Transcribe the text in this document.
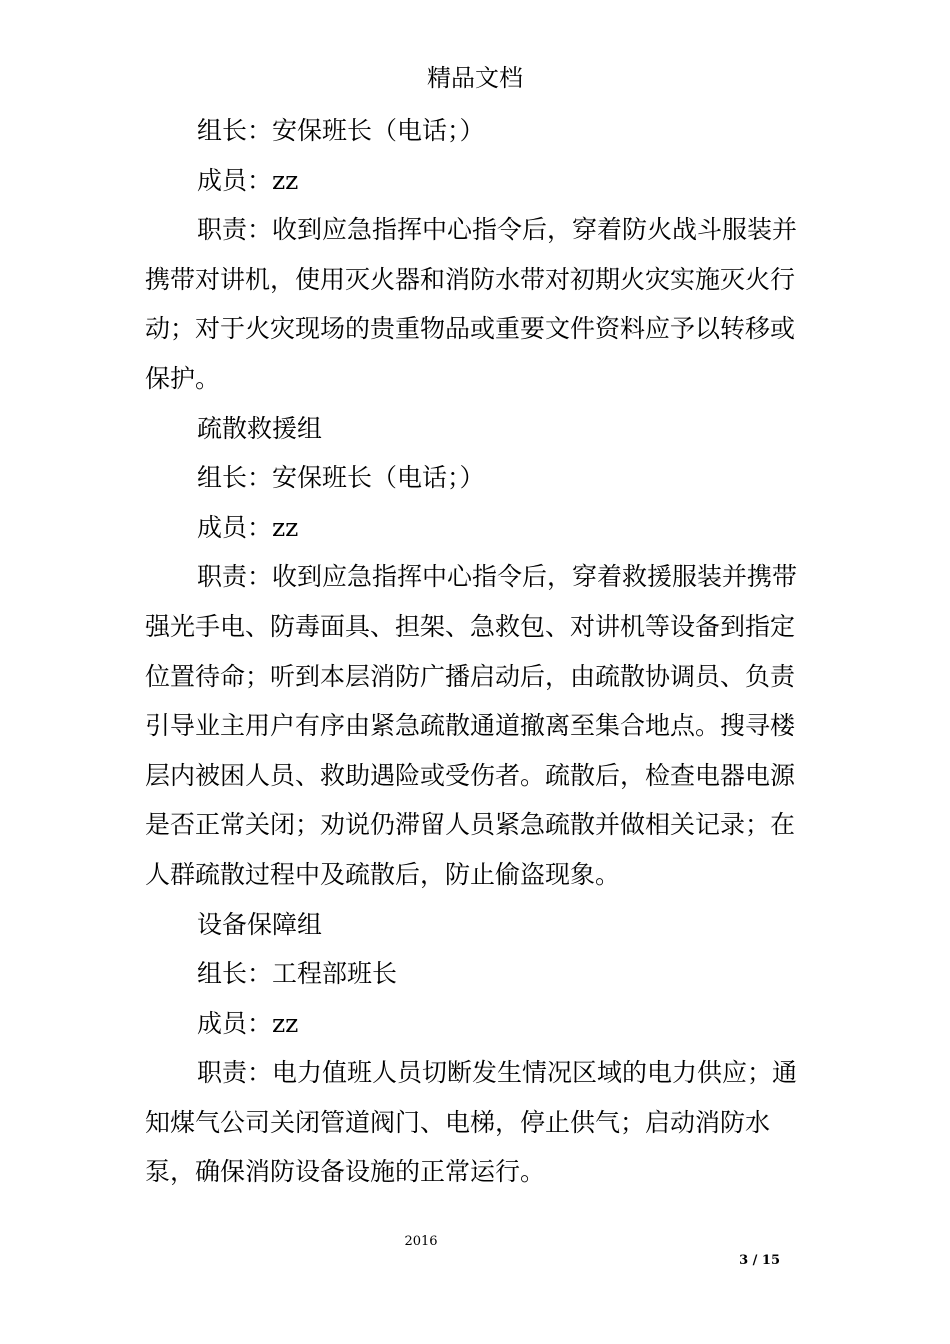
精品文档

组长：安保班长（电话；）

成员：zz

职责：收到应急指挥中心指令后，穿着防火战斗服装并携带对讲机，使用灭火器和消防水带对初期火灾实施灭火行动；对于火灾现场的贵重物品或重要文件资料应予以转移或保护。

疏散救援组

组长：安保班长（电话；）

成员：zz

职责：收到应急指挥中心指令后，穿着救援服装并携带强光手电、防毒面具、担架、急救包、对讲机等设备到指定位置待命；听到本层消防广播启动后，由疏散协调员、负责引导业主用户有序由紧急疏散通道撤离至集合地点。搜寻楼层内被困人员、救助遇险或受伤者。疏散后，检查电器电源是否正常关闭；劝说仍滞留人员紧急疏散并做相关记录；在人群疏散过程中及疏散后，防止偷盗现象。

设备保障组

组长：工程部班长

成员：zz

职责：电力值班人员切断发生情况区域的电力供应；通知煤气公司关闭管道阀门、电梯，停止供气；启动消防水泵，确保消防设备设施的正常运行。

2016
3 / 15
